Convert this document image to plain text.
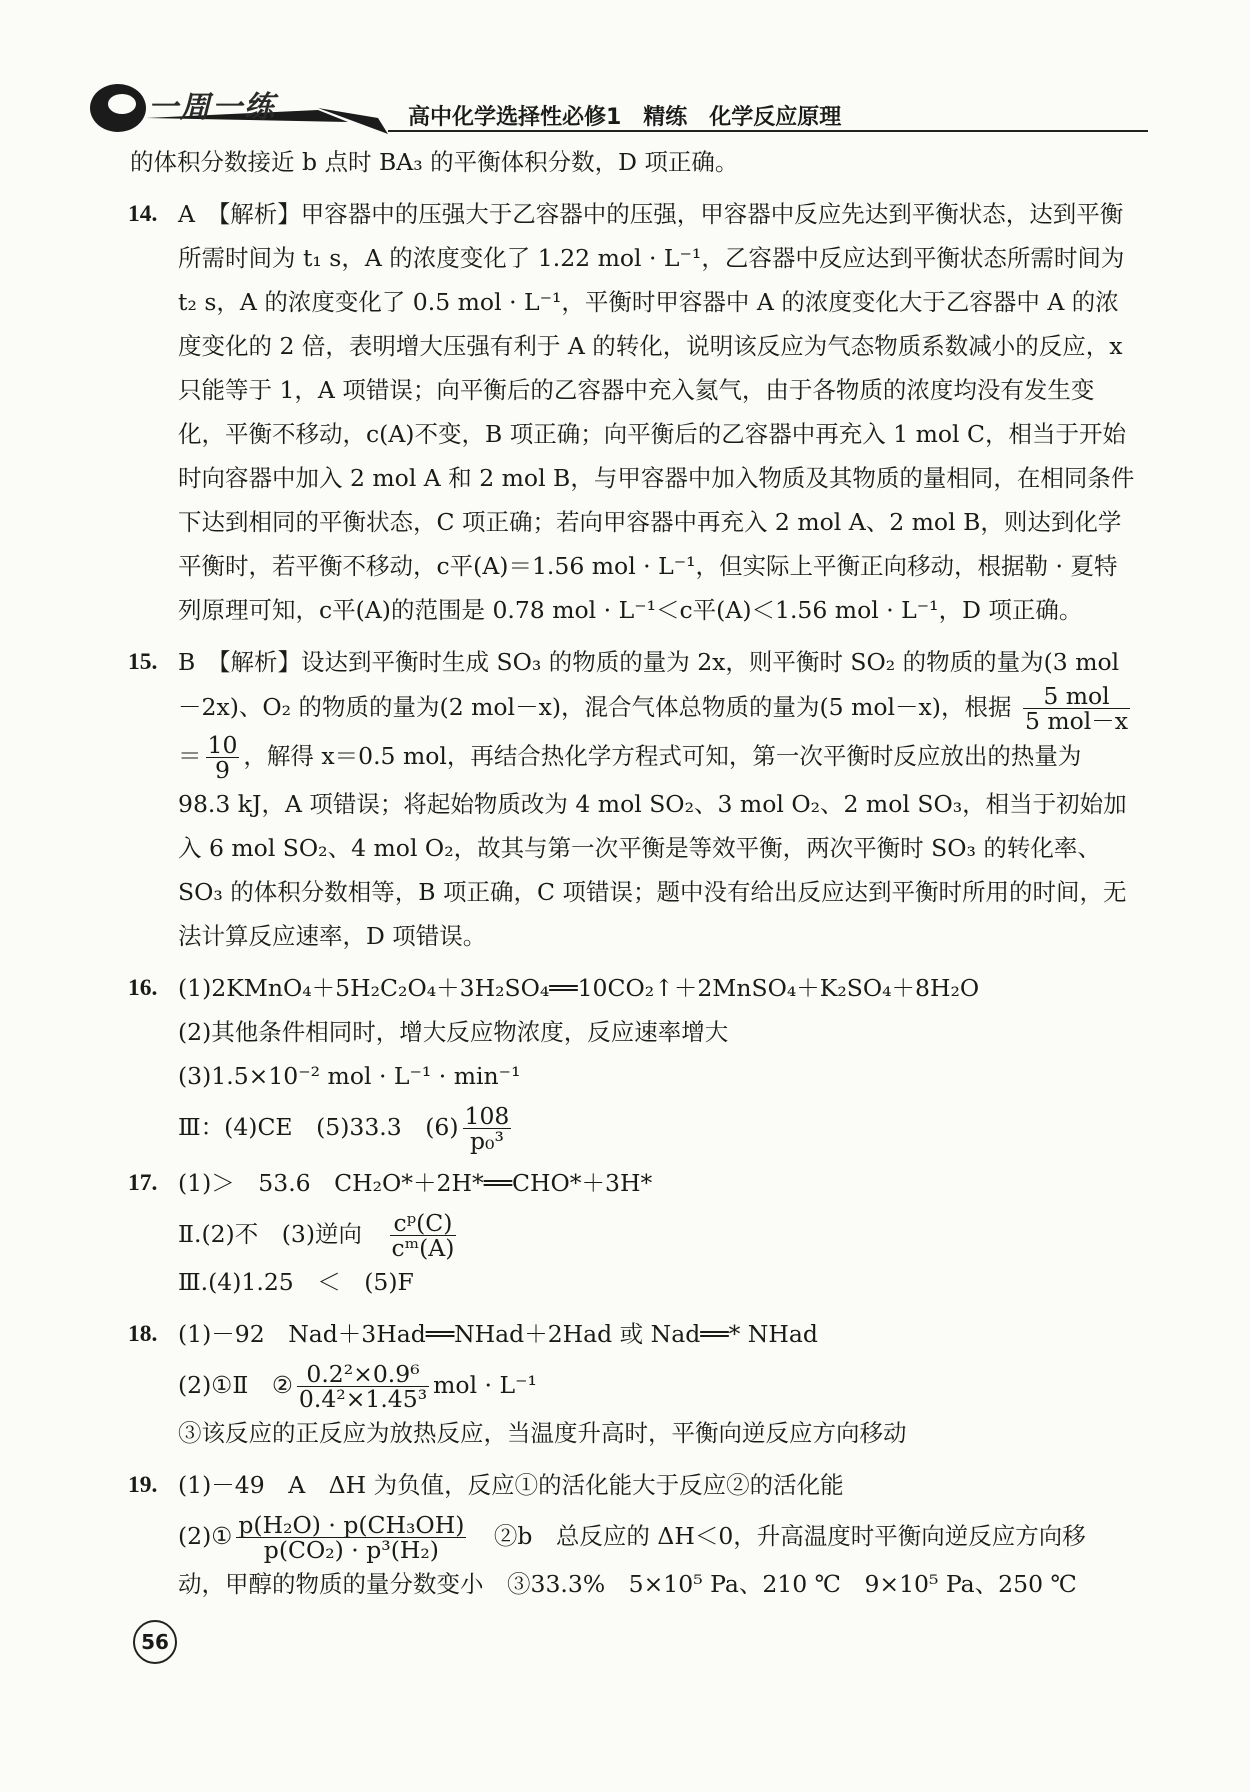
一周一练	高中化学选择性必修1　精练　化学反应原理

的体积分数接近 b 点时 BA₃ 的平衡体积分数，D 项正确。

14. A　【解析】甲容器中的压强大于乙容器中的压强，甲容器中反应先达到平衡状态，达到平衡所需时间为 t₁ s，A 的浓度变化了 1.22 mol · L⁻¹，乙容器中反应达到平衡状态所需时间为 t₂ s，A 的浓度变化了 0.5 mol · L⁻¹，平衡时甲容器中 A 的浓度变化大于乙容器中 A 的浓度变化的 2 倍，表明增大压强有利于 A 的转化，说明该反应为气态物质系数减小的反应，x 只能等于 1，A 项错误；向平衡后的乙容器中充入氦气，由于各物质的浓度均没有发生变化，平衡不移动，c(A)不变，B 项正确；向平衡后的乙容器中再充入 1 mol C，相当于开始时向容器中加入 2 mol A 和 2 mol B，与甲容器中加入物质及其物质的量相同，在相同条件下达到相同的平衡状态，C 项正确；若向甲容器中再充入 2 mol A、2 mol B，则达到化学平衡时，若平衡不移动，c平(A)＝1.56 mol · L⁻¹，但实际上平衡正向移动，根据勒 · 夏特列原理可知，c平(A)的范围是 0.78 mol · L⁻¹＜c平(A)＜1.56 mol · L⁻¹，D 项正确。

15. B　【解析】设达到平衡时生成 SO₃ 的物质的量为 2x，则平衡时 SO₂ 的物质的量为(3 mol－2x)、O₂ 的物质的量为(2 mol－x)，混合气体总物质的量为(5 mol－x)，根据 $\frac{\text{5 mol}}{\text{5 mol－x}}$
＝ $\frac{10}{9}$ ，解得 x＝0.5 mol，再结合热化学方程式可知，第一次平衡时反应放出的热量为 98.3 kJ，A 项错误；将起始物质改为 4 mol SO₂、3 mol O₂、2 mol SO₃，相当于初始加入 6 mol SO₂、4 mol O₂，故其与第一次平衡是等效平衡，两次平衡时 SO₃ 的转化率、SO₃ 的体积分数相等，B 项正确，C 项错误；题中没有给出反应达到平衡时所用的时间，无法计算反应速率，D 项错误。

16. (1)2KMnO₄＋5H₂C₂O₄＋3H₂SO₄══10CO₂↑＋2MnSO₄＋K₂SO₄＋8H₂O

(2)其他条件相同时，增大反应物浓度，反应速率增大

(3)1.5×10⁻² mol · L⁻¹ · min⁻¹

Ⅲ：(4)CE　(5)33.3　$(6) \frac{108}{\text{p₀³}}$

17. (1)＞　53.6　CH₂O*＋2H*══CHO*＋3H*

Ⅱ.(2)不　(3)逆向　 $\frac{\text{cᵖ(C)}}{\text{cᵐ(A)}}$

Ⅲ.(4)1.25　＜　(5)F

18. (1)－92　Nad＋3Had══NHad＋2Had 或 Nad══* NHad

(2)①Ⅱ　② $\frac{\text{0.2²×0.9⁶}}{\text{0.4²×1.45³}}$ mol · L⁻¹

③该反应的正反应为放热反应，当温度升高时，平衡向逆反应方向移动

19. (1)－49　A　ΔH 为负值，反应①的活化能大于反应②的活化能

(2)① $\frac{\text{p(H₂O) · p(CH₃OH)}}{\text{p(CO₂) · p³(H₂)}}$ 　②b　总反应的 ΔH＜0，升高温度时平衡向逆反应方向移

动，甲醇的物质的量分数变小　③33.3%　5×10⁵ Pa、210 ℃　9×10⁵ Pa、250 ℃

56
